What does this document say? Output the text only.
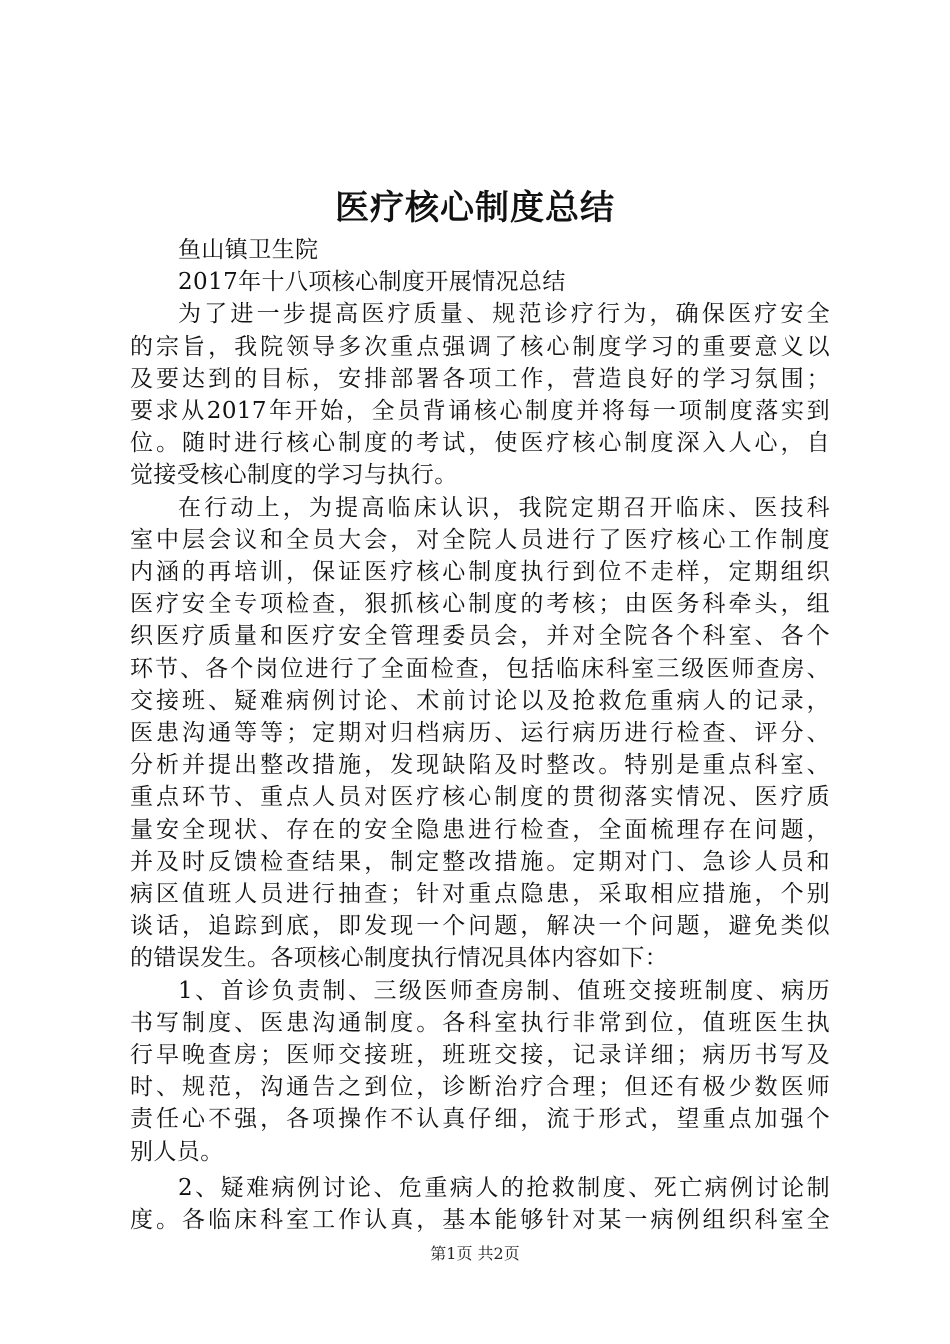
医疗核心制度总结
鱼山镇卫生院
2017年十八项核心制度开展情况总结
为了进一步提高医疗质量、规范诊疗行为，确保医疗安全
的宗旨，我院领导多次重点强调了核心制度学习的重要意义以
及要达到的目标，安排部署各项工作，营造良好的学习氛围；
要求从2017年开始，全员背诵核心制度并将每一项制度落实到
位。随时进行核心制度的考试，使医疗核心制度深入人心，自
觉接受核心制度的学习与执行。
在行动上，为提高临床认识，我院定期召开临床、医技科
室中层会议和全员大会，对全院人员进行了医疗核心工作制度
内涵的再培训，保证医疗核心制度执行到位不走样，定期组织
医疗安全专项检查，狠抓核心制度的考核；由医务科牵头，组
织医疗质量和医疗安全管理委员会，并对全院各个科室、各个
环节、各个岗位进行了全面检查，包括临床科室三级医师查房、
交接班、疑难病例讨论、术前讨论以及抢救危重病人的记录，
医患沟通等等；定期对归档病历、运行病历进行检查、评分、
分析并提出整改措施，发现缺陷及时整改。特别是重点科室、
重点环节、重点人员对医疗核心制度的贯彻落实情况、医疗质
量安全现状、存在的安全隐患进行检查，全面梳理存在问题，
并及时反馈检查结果，制定整改措施。定期对门、急诊人员和
病区值班人员进行抽查；针对重点隐患，采取相应措施，个别
谈话，追踪到底，即发现一个问题，解决一个问题，避免类似
的错误发生。各项核心制度执行情况具体内容如下：
1、首诊负责制、三级医师查房制、值班交接班制度、病历
书写制度、医患沟通制度。各科室执行非常到位，值班医生执
行早晚查房；医师交接班，班班交接，记录详细；病历书写及
时、规范，沟通告之到位，诊断治疗合理；但还有极少数医师
责任心不强，各项操作不认真仔细，流于形式，望重点加强个
别人员。
2、疑难病例讨论、危重病人的抢救制度、死亡病例讨论制
度。各临床科室工作认真，基本能够针对某一病例组织科室全
第1页 共2页
